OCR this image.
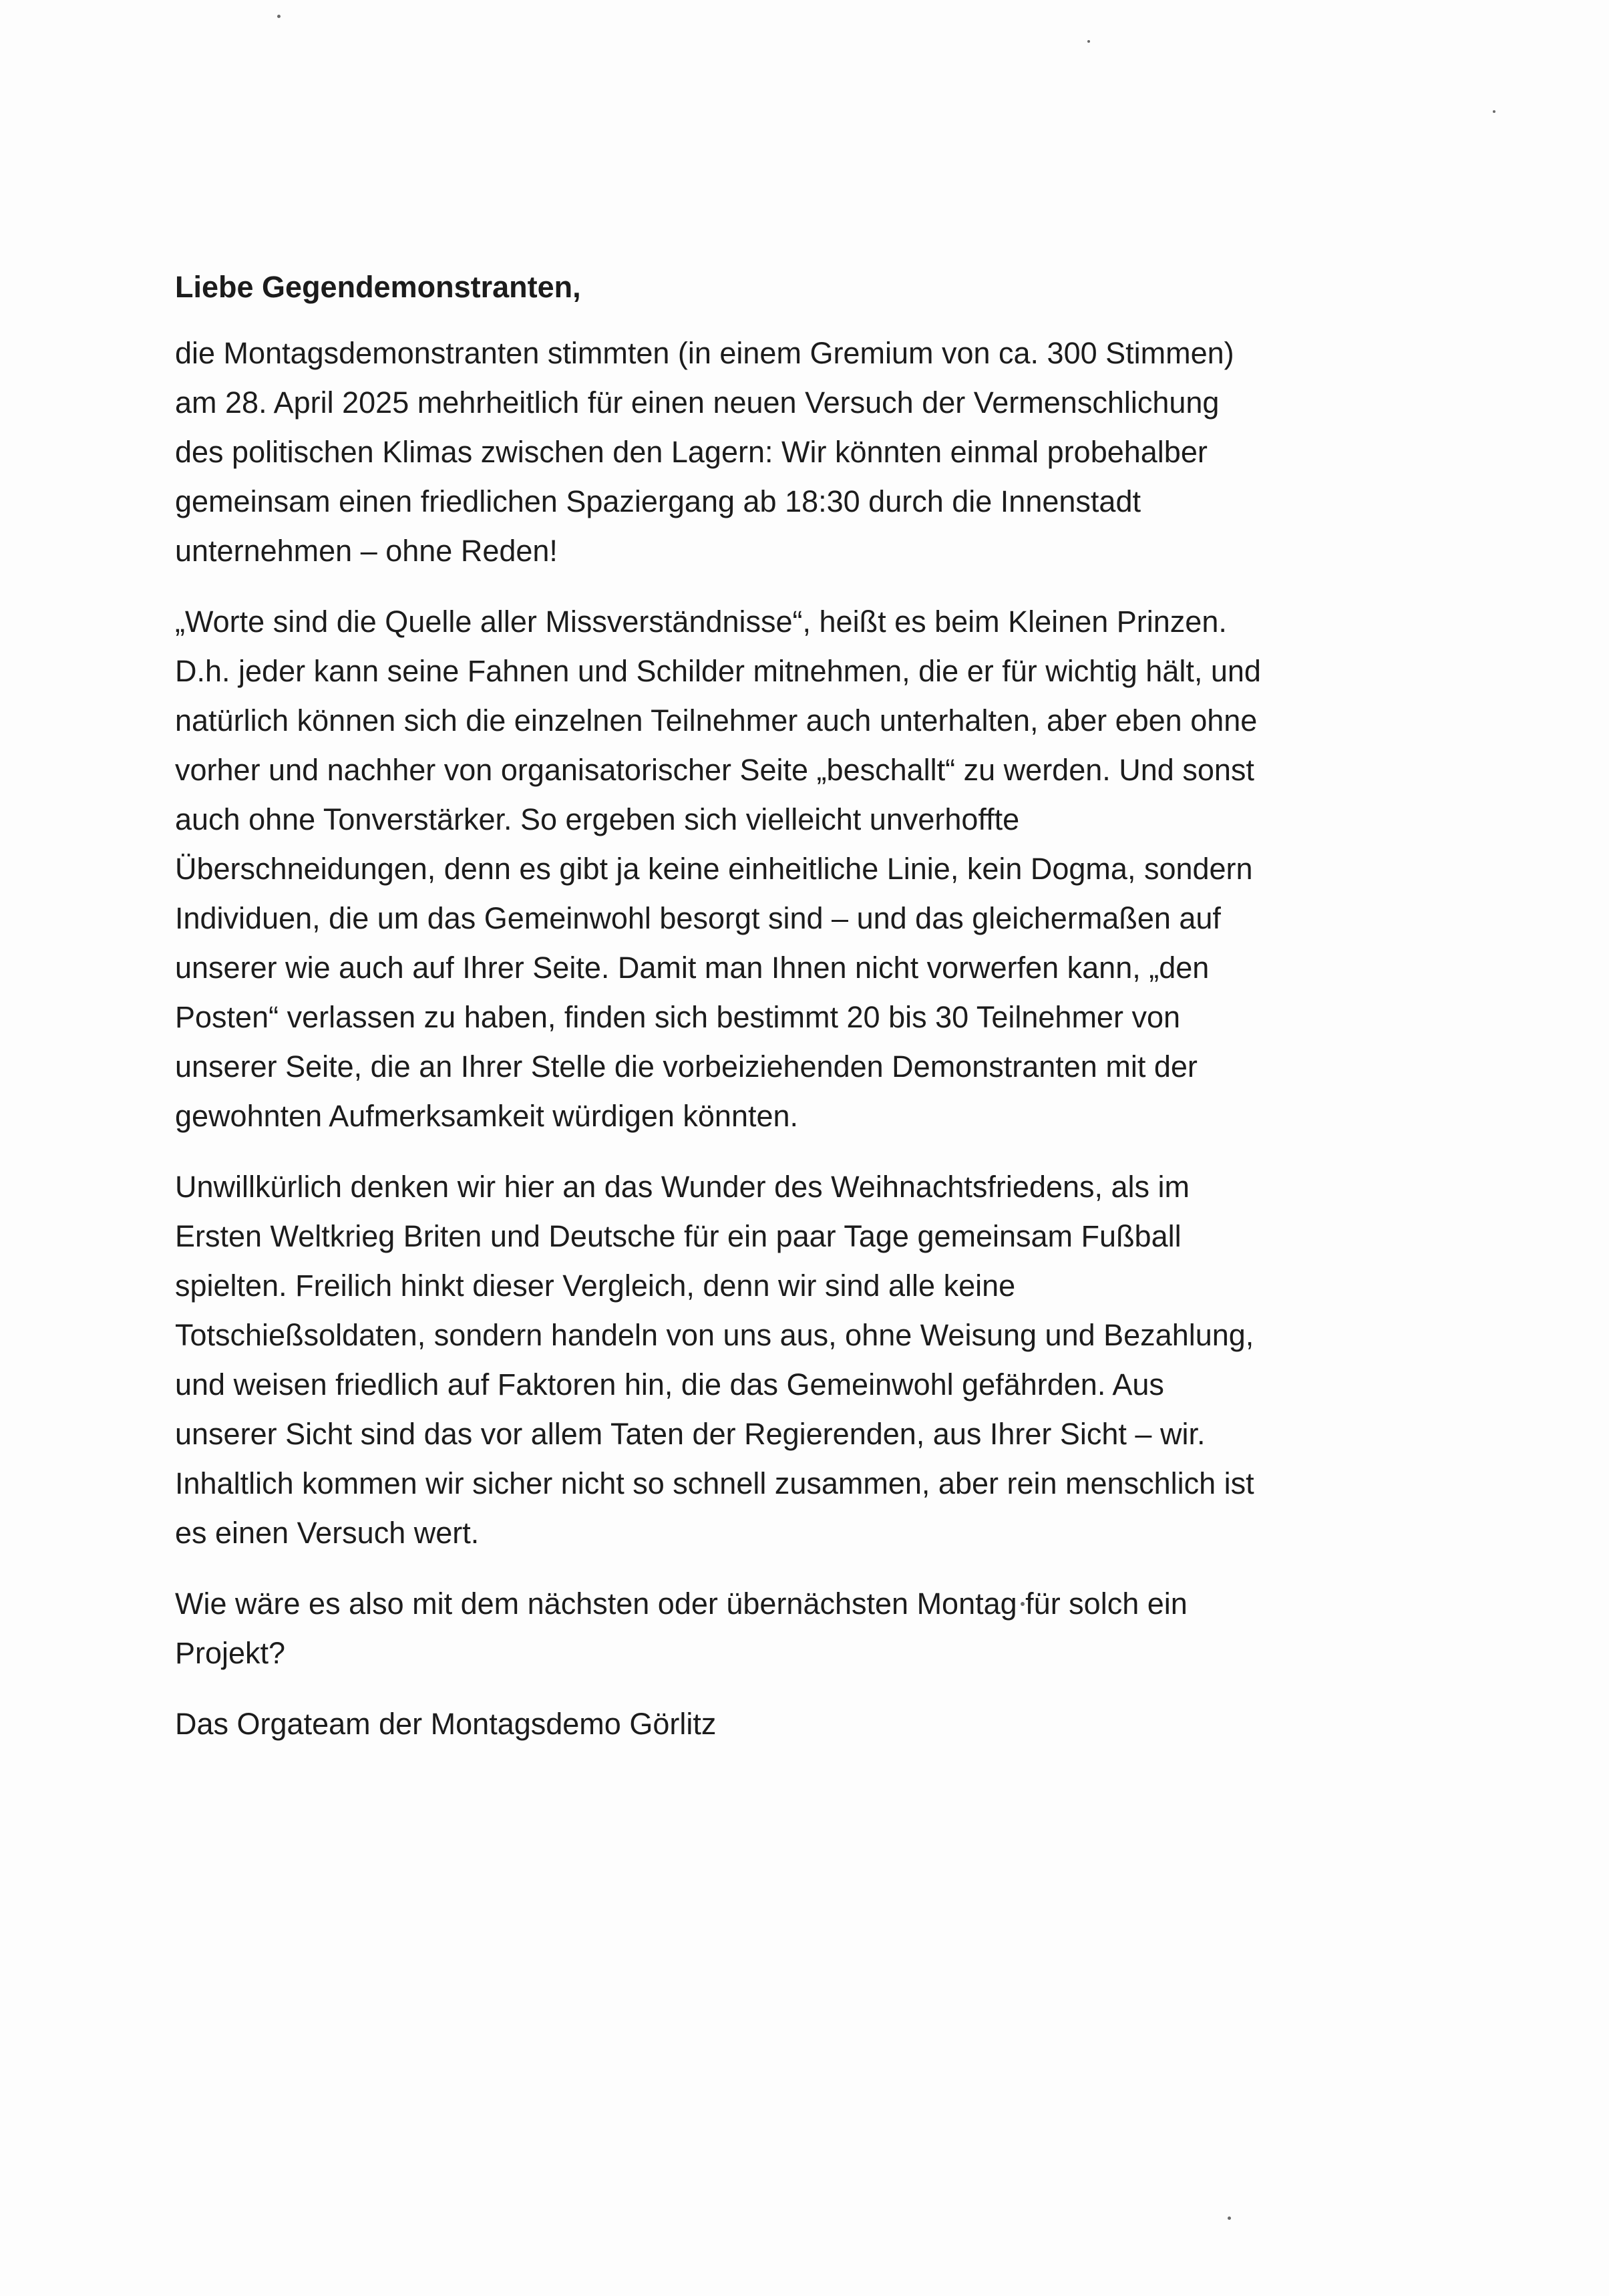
Liebe Gegendemonstranten,
die Montagsdemonstranten stimmten (in einem Gremium von ca. 300 Stimmen)
am 28. April 2025 mehrheitlich für einen neuen Versuch der Vermenschlichung
des politischen Klimas zwischen den Lagern: Wir könnten einmal probehalber
gemeinsam einen friedlichen Spaziergang ab 18:30 durch die Innenstadt
unternehmen – ohne Reden!
„Worte sind die Quelle aller Missverständnisse“, heißt es beim Kleinen Prinzen.
D.h. jeder kann seine Fahnen und Schilder mitnehmen, die er für wichtig hält, und
natürlich können sich die einzelnen Teilnehmer auch unterhalten, aber eben ohne
vorher und nachher von organisatorischer Seite „beschallt“ zu werden. Und sonst
auch ohne Tonverstärker. So ergeben sich vielleicht unverhoffte
Überschneidungen, denn es gibt ja keine einheitliche Linie, kein Dogma, sondern
Individuen, die um das Gemeinwohl besorgt sind – und das gleichermaßen auf
unserer wie auch auf Ihrer Seite. Damit man Ihnen nicht vorwerfen kann, „den
Posten“ verlassen zu haben, finden sich bestimmt 20 bis 30 Teilnehmer von
unserer Seite, die an Ihrer Stelle die vorbeiziehenden Demonstranten mit der
gewohnten Aufmerksamkeit würdigen könnten.
Unwillkürlich denken wir hier an das Wunder des Weihnachtsfriedens, als im
Ersten Weltkrieg Briten und Deutsche für ein paar Tage gemeinsam Fußball
spielten. Freilich hinkt dieser Vergleich, denn wir sind alle keine
Totschießsoldaten, sondern handeln von uns aus, ohne Weisung und Bezahlung,
und weisen friedlich auf Faktoren hin, die das Gemeinwohl gefährden. Aus
unserer Sicht sind das vor allem Taten der Regierenden, aus Ihrer Sicht – wir.
Inhaltlich kommen wir sicher nicht so schnell zusammen, aber rein menschlich ist
es einen Versuch wert.
Wie wäre es also mit dem nächsten oder übernächsten Montag für solch ein
Projekt?
Das Orgateam der Montagsdemo Görlitz
